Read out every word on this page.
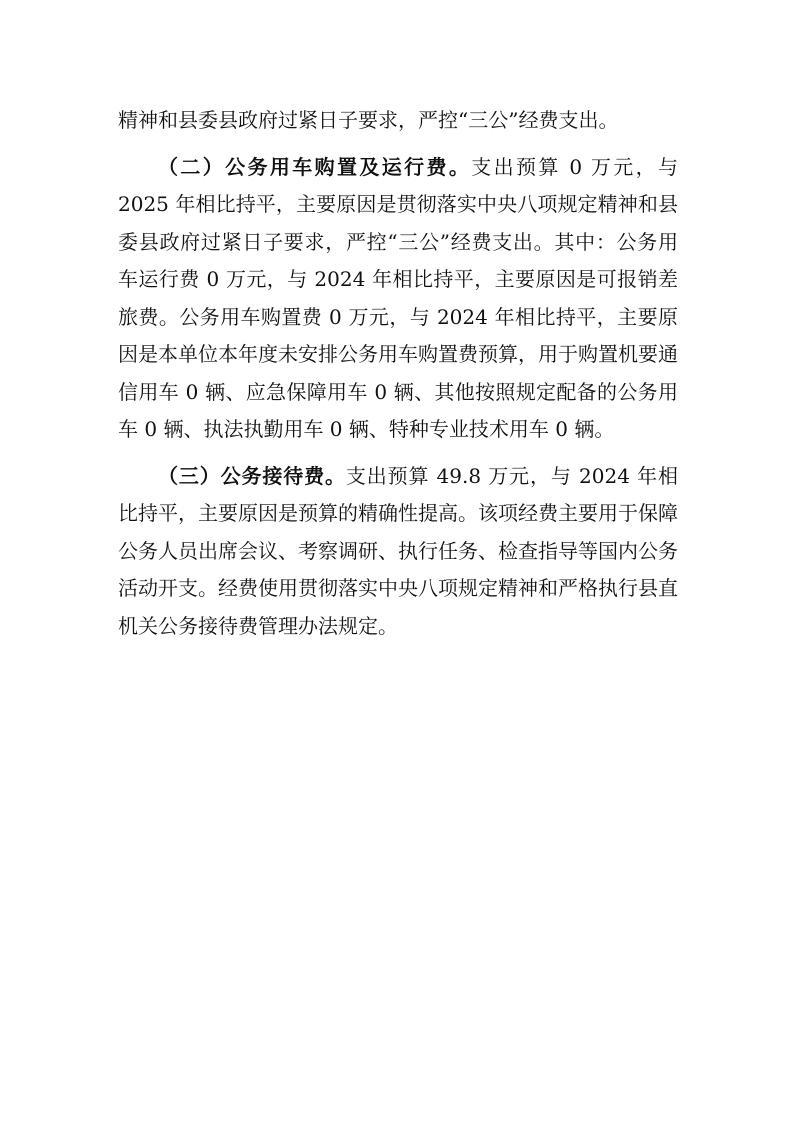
精神和县委县政府过紧日子要求，严控“三公”经费支出。

（二）公务用车购置及运行费。支出预算 0 万元，与 2025 年相比持平，主要原因是贯彻落实中央八项规定精神和县委县政府过紧日子要求，严控“三公”经费支出。其中：公务用车运行费 0 万元，与 2024 年相比持平，主要原因是可报销差旅费。公务用车购置费 0 万元，与 2024 年相比持平，主要原因是本单位本年度未安排公务用车购置费预算，用于购置机要通信用车 0 辆、应急保障用车 0 辆、其他按照规定配备的公务用车 0 辆、执法执勤用车 0 辆、特种专业技术用车 0 辆。

（三）公务接待费。支出预算 49.8 万元，与 2024 年相比持平，主要原因是预算的精确性提高。该项经费主要用于保障公务人员出席会议、考察调研、执行任务、检查指导等国内公务活动开支。经费使用贯彻落实中央八项规定精神和严格执行县直机关公务接待费管理办法规定。
